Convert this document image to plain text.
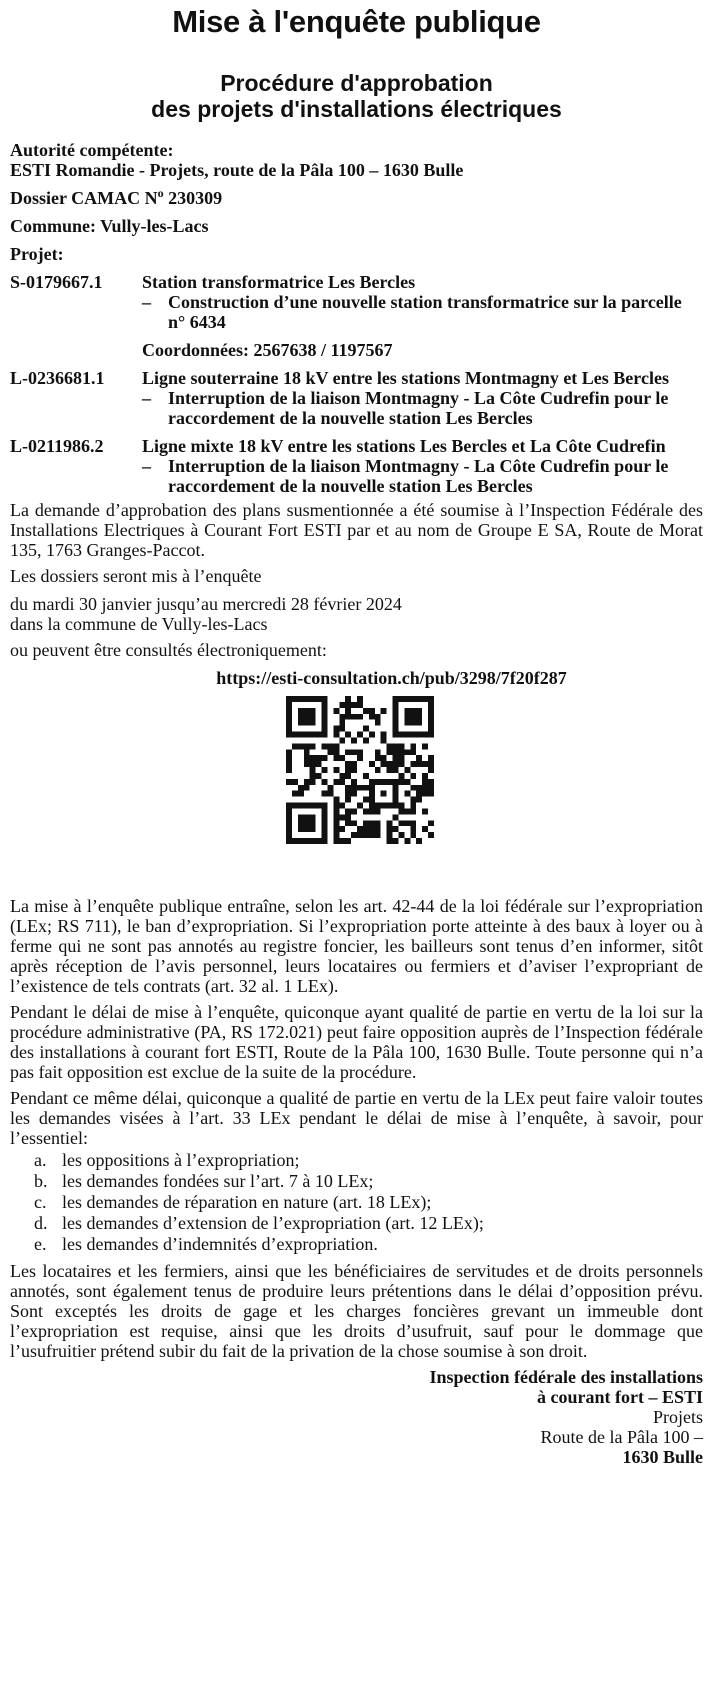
Mise à l'enquête publique
Procédure d'approbation
des projets d'installations électriques
Autorité compétente:
ESTI Romandie - Projets, route de la Pâla 100 – 1630 Bulle
Dossier CAMAC $N^o$ 230309
Commune: Vully-les-Lacs
Projet:
S-0179667.1	Station transformatrice Les Bercles
– Construction d’une nouvelle station transformatrice sur la parcelle n° 6434
Coordonnées: 2567638 / 1197567
L-0236681.1	Ligne souterraine 18 kV entre les stations Montmagny et Les Bercles
– Interruption de la liaison Montmagny - La Côte Cudrefin pour le raccordement de la nouvelle station Les Bercles
L-0211986.2	Ligne mixte 18 kV entre les stations Les Bercles et La Côte Cudrefin
– Interruption de la liaison Montmagny - La Côte Cudrefin pour le raccordement de la nouvelle station Les Bercles

La demande d’approbation des plans susmentionnée a été soumise à l’Inspection Fédérale des Installations Electriques à Courant Fort ESTI par et au nom de Groupe E SA, Route de Morat 135, 1763 Granges-Paccot.

Les dossiers seront mis à l’enquête

du mardi 30 janvier jusqu’au mercredi 28 février 2024
dans la commune de Vully-les-Lacs

ou peuvent être consultés électroniquement:

https://esti-consultation.ch/pub/3298/7f20f287

La mise à l’enquête publique entraîne, selon les art. 42-44 de la loi fédérale sur l’expropriation (LEx; RS 711), le ban d’expropriation. Si l’expropriation porte atteinte à des baux à loyer ou à ferme qui ne sont pas annotés au registre foncier, les bailleurs sont tenus d’en informer, sitôt après réception de l’avis personnel, leurs locataires ou fermiers et d’aviser l’expropriant de l’existence de tels contrats (art. 32 al. 1 LEx).

Pendant le délai de mise à l’enquête, quiconque ayant qualité de partie en vertu de la loi sur la procédure administrative (PA, RS 172.021) peut faire opposition auprès de l’Inspection fédérale des installations à courant fort ESTI, Route de la Pâla 100, 1630 Bulle. Toute personne qui n’a pas fait opposition est exclue de la suite de la procédure.

Pendant ce même délai, quiconque a qualité de partie en vertu de la LEx peut faire valoir toutes les demandes visées à l’art. 33 LEx pendant le délai de mise à l’enquête, à savoir, pour l’essentiel:

a. les oppositions à l’expropriation;
b. les demandes fondées sur l’art. 7 à 10 LEx;
c. les demandes de réparation en nature (art. 18 LEx);
d. les demandes d’extension de l’expropriation (art. 12 LEx);
e. les demandes d’indemnités d’expropriation.

Les locataires et les fermiers, ainsi que les bénéficiaires de servitudes et de droits personnels annotés, sont également tenus de produire leurs prétentions dans le délai d’opposition prévu. Sont exceptés les droits de gage et les charges foncières grevant un immeuble dont l’expropriation est requise, ainsi que les droits d’usufruit, sauf pour le dommage que l’usufruitier prétend subir du fait de la privation de la chose soumise à son droit.

Inspection fédérale des installations
à courant fort – ESTI
Projets
Route de la Pâla 100 –
1630 Bulle
